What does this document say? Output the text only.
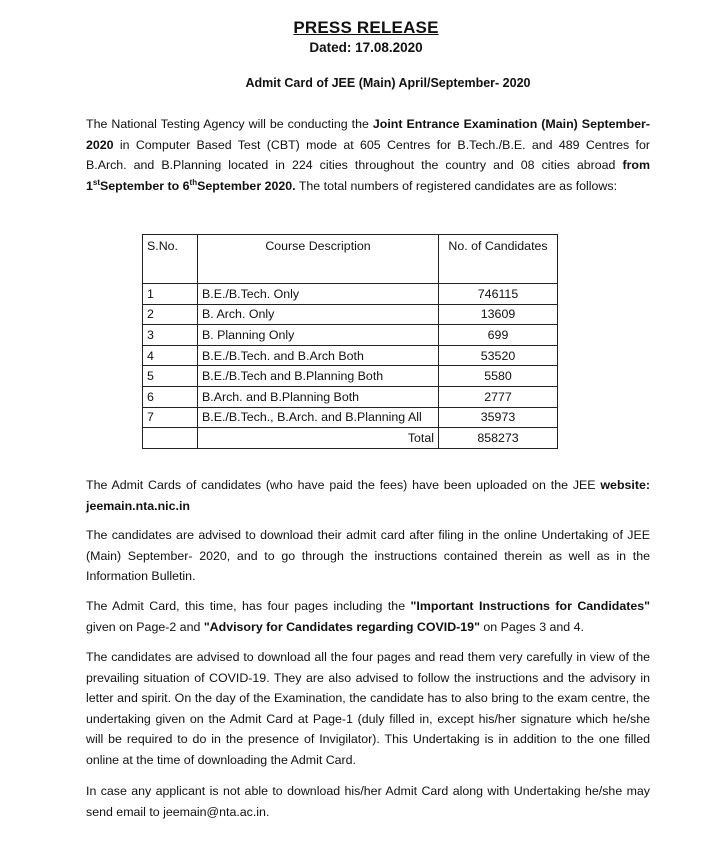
PRESS RELEASE
Dated: 17.08.2020
Admit Card of JEE (Main) April/September- 2020

The National Testing Agency will be conducting the Joint Entrance Examination (Main) September- 2020 in Computer Based Test (CBT) mode at 605 Centres for B.Tech./B.E. and 489 Centres for B.Arch. and B.Planning located in 224 cities throughout the country and 08 cities abroad from 1stSeptember to 6thSeptember 2020. The total numbers of registered candidates are as follows:

S.No.	Course Description	No. of Candidates
1	B.E./B.Tech. Only	746115
2	B. Arch. Only	13609
3	B. Planning Only	699
4	B.E./B.Tech. and B.Arch Both	53520
5	B.E./B.Tech and B.Planning Both	5580
6	B.Arch. and B.Planning Both	2777
7	B.E./B.Tech., B.Arch. and B.Planning All	35973
	Total	858273

The Admit Cards of candidates (who have paid the fees) have been uploaded on the JEE website: jeemain.nta.nic.in

The candidates are advised to download their admit card after filing in the online Undertaking of JEE (Main) September- 2020, and to go through the instructions contained therein as well as in the Information Bulletin.

The Admit Card, this time, has four pages including the "Important Instructions for Candidates" given on Page-2 and "Advisory for Candidates regarding COVID-19" on Pages 3 and 4.

The candidates are advised to download all the four pages and read them very carefully in view of the prevailing situation of COVID-19. They are also advised to follow the instructions and the advisory in letter and spirit. On the day of the Examination, the candidate has to also bring to the exam centre, the undertaking given on the Admit Card at Page-1 (duly filled in, except his/her signature which he/she will be required to do in the presence of Invigilator). This Undertaking is in addition to the one filled online at the time of downloading the Admit Card.

In case any applicant is not able to download his/her Admit Card along with Undertaking he/she may send email to jeemain@nta.ac.in.
